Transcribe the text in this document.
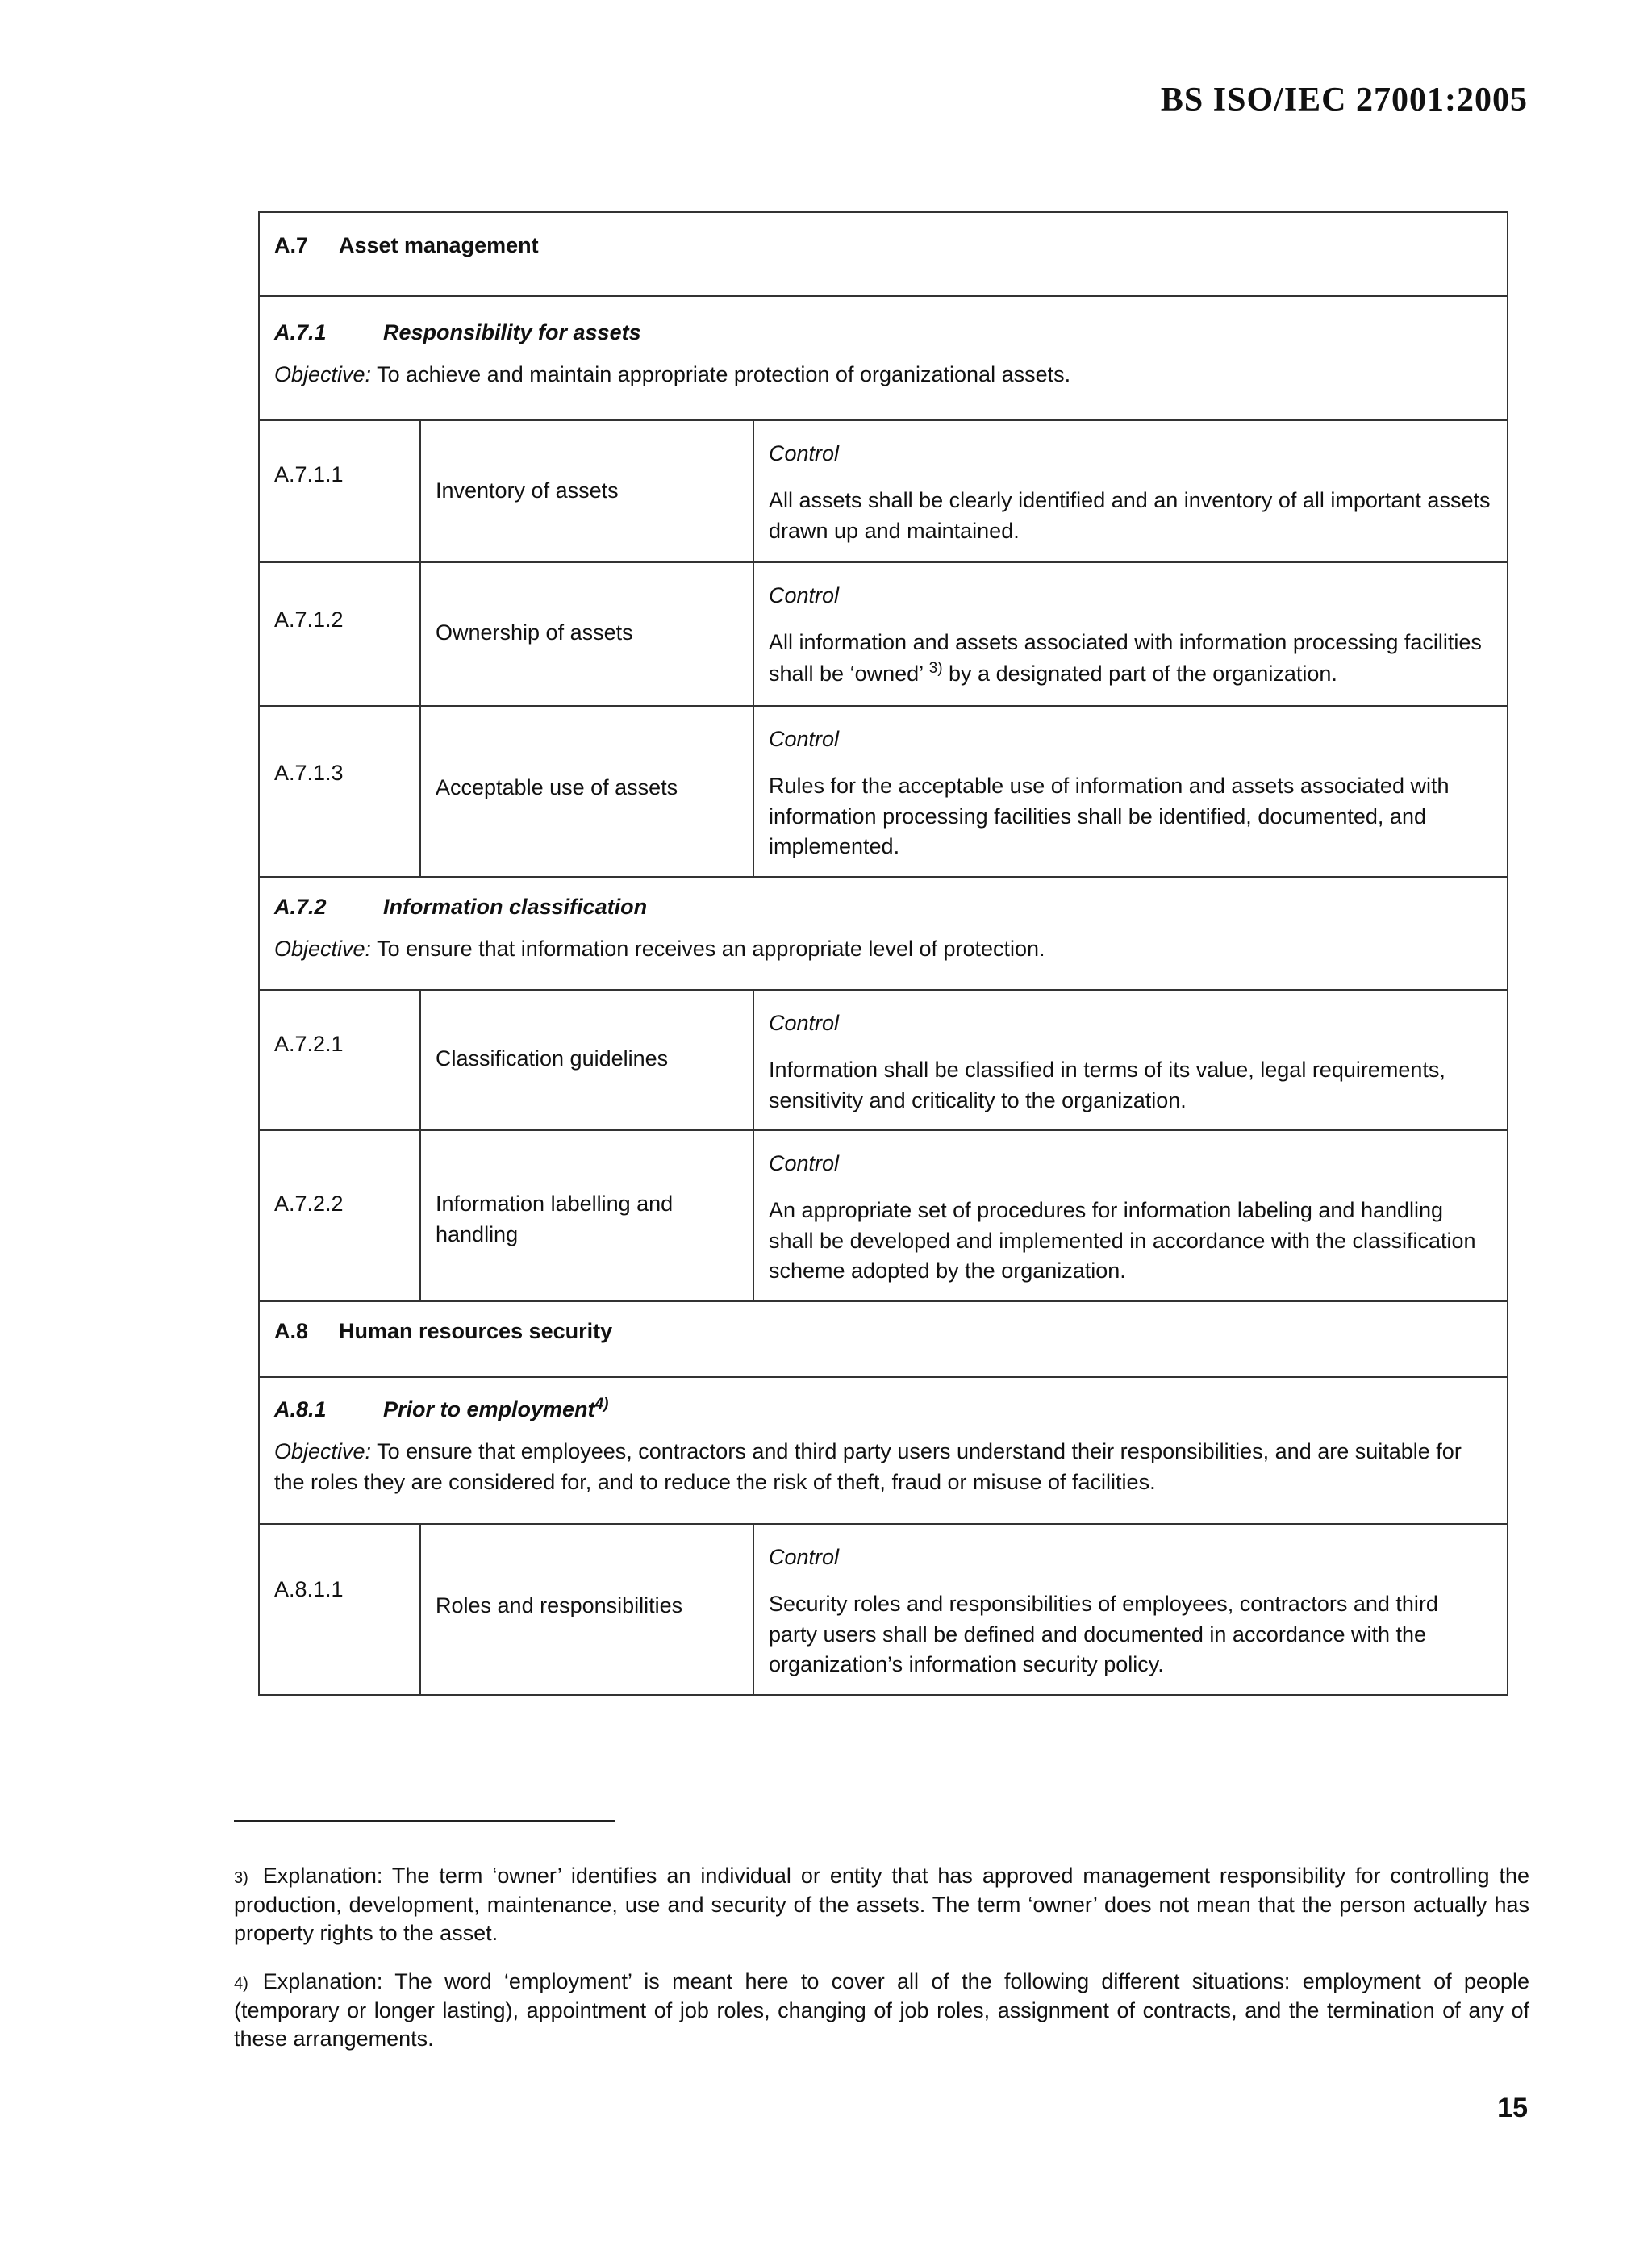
BS ISO/IEC 27001:2005
A.7 Asset management		

A.7.1 Responsibility for assets
Objective: To achieve and maintain appropriate protection of organizational assets.		

A.7.1.1	Inventory of assets	Control
All assets shall be clearly identified and an inventory of all important assets drawn up and maintained.

A.7.1.2	Ownership of assets	Control
All information and assets associated with information processing facilities shall be ‘owned’ $^{3)}$ by a designated part of the organization.

A.7.1.3	Acceptable use of assets	Control
Rules for the acceptable use of information and assets associated with information processing facilities shall be identified, documented, and implemented.

A.7.2 Information classification
Objective: To ensure that information receives an appropriate level of protection.		

A.7.2.1	Classification guidelines	Control
Information shall be classified in terms of its value, legal requirements, sensitivity and criticality to the organization.

A.7.2.2	Information labelling and handling	Control
An appropriate set of procedures for information labeling and handling shall be developed and implemented in accordance with the classification scheme adopted by the organization.

A.8 Human resources security		

A.8.1 Prior to employment$^{4)}$
Objective: To ensure that employees, contractors and third party users understand their responsibilities, and are suitable for the roles they are considered for, and to reduce the risk of theft, fraud or misuse of facilities.		

A.8.1.1	Roles and responsibilities	Control
Security roles and responsibilities of employees, contractors and third party users shall be defined and documented in accordance with the organization’s information security policy.
3) Explanation: The term ‘owner’ identifies an individual or entity that has approved management responsibility for controlling the production, development, maintenance, use and security of the assets. The term ‘owner’ does not mean that the person actually has property rights to the asset.
4) Explanation: The word ‘employment’ is meant here to cover all of the following different situations: employment of people (temporary or longer lasting), appointment of job roles, changing of job roles, assignment of contracts, and the termination of any of these arrangements.
15
